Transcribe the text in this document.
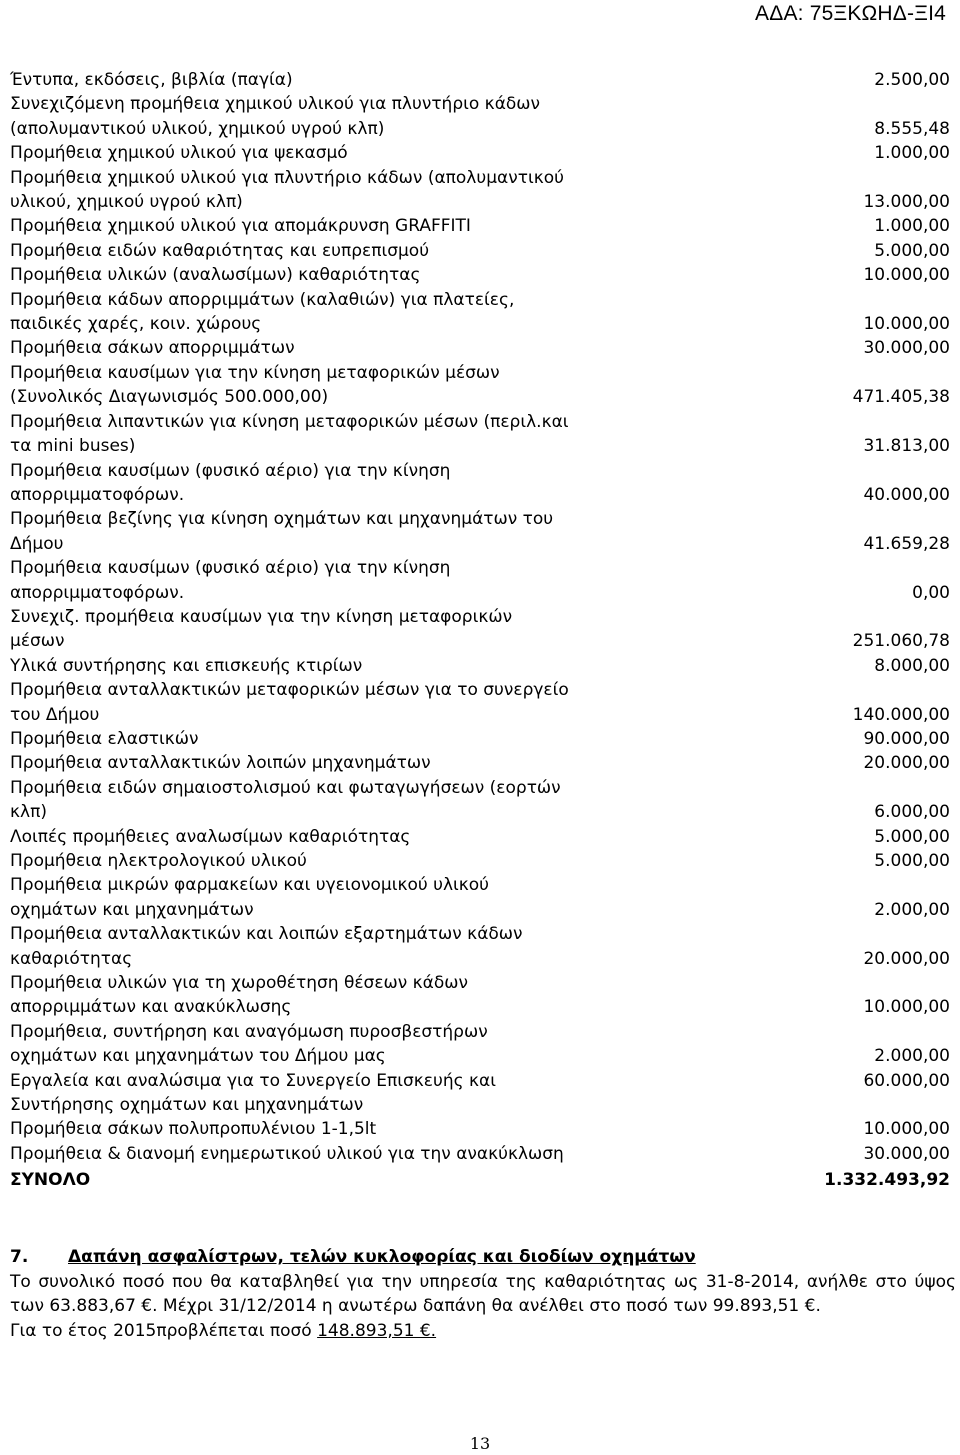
ΑΔΑ: 75ΞΚΩΗΔ-ΞΙ4
Έντυπα, εκδόσεις, βιβλία (παγία)	2.500,00
Συνεχιζόμενη προμήθεια χημικού υλικού για πλυντήριο κάδων
(απολυμαντικού υλικού, χημικού υγρού κλπ)	8.555,48
Προμήθεια χημικού υλικού για ψεκασμό	1.000,00
Προμήθεια χημικού υλικού για πλυντήριο κάδων (απολυμαντικού
υλικού, χημικού υγρού κλπ)	13.000,00
Προμήθεια χημικού υλικού για απομάκρυνση GRAFFITI	1.000,00
Προμήθεια ειδών καθαριότητας και ευπρεπισμού	5.000,00
Προμήθεια υλικών (αναλωσίμων) καθαριότητας	10.000,00
Προμήθεια κάδων απορριμμάτων (καλαθιών) για πλατείες,
παιδικές χαρές, κοιν. χώρους	10.000,00
Προμήθεια σάκων απορριμμάτων	30.000,00
Προμήθεια καυσίμων για την κίνηση μεταφορικών μέσων
(Συνολικός Διαγωνισμός 500.000,00)	471.405,38
Προμήθεια λιπαντικών για κίνηση μεταφορικών μέσων (περιλ.και
τα mini buses)	31.813,00
Προμήθεια καυσίμων (φυσικό αέριο) για την κίνηση
απορριμματοφόρων.	40.000,00
Προμήθεια βεζίνης για κίνηση οχημάτων και μηχανημάτων του
Δήμου	41.659,28
Προμήθεια καυσίμων (φυσικό αέριο) για την κίνηση
απορριμματοφόρων.	0,00
Συνεχιζ. προμήθεια καυσίμων για την κίνηση μεταφορικών
μέσων	251.060,78
Υλικά συντήρησης και επισκευής κτιρίων	8.000,00
Προμήθεια ανταλλακτικών μεταφορικών μέσων για το συνεργείο
του Δήμου	140.000,00
Προμήθεια ελαστικών	90.000,00
Προμήθεια ανταλλακτικών λοιπών μηχανημάτων	20.000,00
Προμήθεια ειδών σημαιοστολισμού και φωταγωγήσεων (εορτών
κλπ)	6.000,00
Λοιπές προμήθειες αναλωσίμων καθαριότητας	5.000,00
Προμήθεια ηλεκτρολογικού υλικού	5.000,00
Προμήθεια μικρών φαρμακείων και υγειονομικού υλικού
οχημάτων και μηχανημάτων	2.000,00
Προμήθεια ανταλλακτικών και λοιπών εξαρτημάτων κάδων
καθαριότητας	20.000,00
Προμήθεια υλικών για τη χωροθέτηση θέσεων κάδων
απορριμμάτων και ανακύκλωσης	10.000,00
Προμήθεια, συντήρηση και αναγόμωση πυροσβεστήρων
οχημάτων και μηχανημάτων του Δήμου μας	2.000,00
Εργαλεία και αναλώσιμα για το Συνεργείο Επισκευής και
Συντήρησης οχημάτων και μηχανημάτων	60.000,00
Προμήθεια σάκων πολυπροπυλένιου 1-1,5lt	10.000,00
Προμήθεια & διανομή ενημερωτικού υλικού για την ανακύκλωση	30.000,00
ΣΥΝΟΛΟ	1.332.493,92
7. Δαπάνη ασφαλίστρων, τελών κυκλοφορίας και διοδίων οχημάτων

Το συνολικό ποσό που θα καταβληθεί για την υπηρεσία της καθαριότητας ως 31-8-2014, ανήλθε στο ύψος των 63.883,67 €. Μέχρι 31/12/2014 η ανωτέρω δαπάνη θα ανέλθει στο ποσό των 99.893,51 €.

Για το έτος 2015προβλέπεται ποσό 148.893,51 €.

13
